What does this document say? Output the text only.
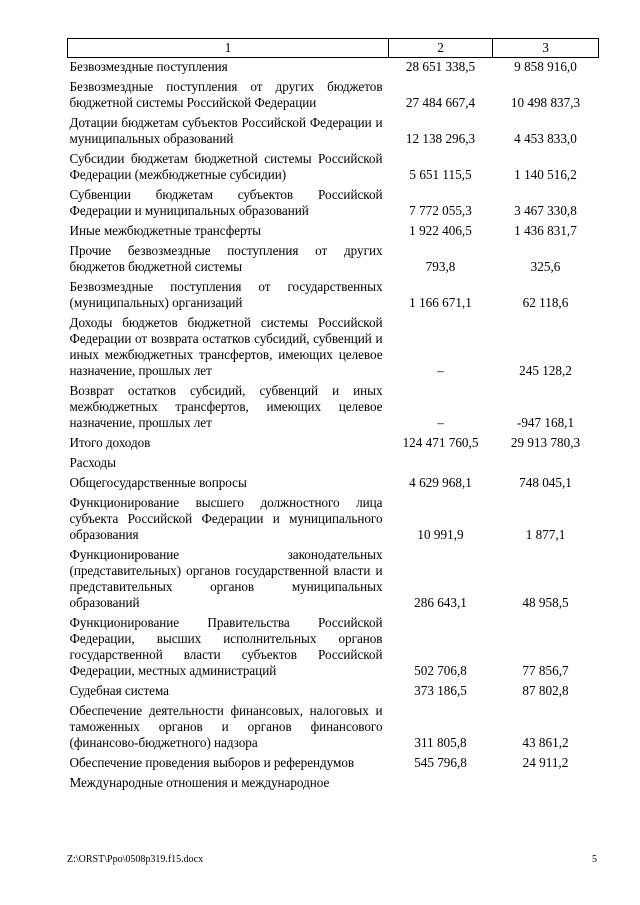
1	2	3
Безвозмездные поступления	28 651 338,5	9 858 916,0
Безвозмездные поступления от других бюджетов бюджетной системы Российской Федерации	27 484 667,4	10 498 837,3
Дотации бюджетам субъектов Российской Федерации и муниципальных образований	12 138 296,3	4 453 833,0
Субсидии бюджетам бюджетной системы Российской Федерации (межбюджетные субсидии)	5 651 115,5	1 140 516,2
Субвенции бюджетам субъектов Российской Федерации и муниципальных образований	7 772 055,3	3 467 330,8
Иные межбюджетные трансферты	1 922 406,5	1 436 831,7
Прочие безвозмездные поступления от других бюджетов бюджетной системы	793,8	325,6
Безвозмездные поступления от государственных (муниципальных) организаций	1 166 671,1	62 118,6
Доходы бюджетов бюджетной системы Российской Федерации от возврата остатков субсидий, субвенций и иных межбюджетных трансфертов, имеющих целевое назначение, прошлых лет	–	245 128,2
Возврат остатков субсидий, субвенций и иных межбюджетных трансфертов, имеющих целевое назначение, прошлых лет	–	-947 168,1
Итого доходов	124 471 760,5	29 913 780,3
Расходы		
Общегосударственные вопросы	4 629 968,1	748 045,1
Функционирование высшего должностного лица субъекта Российской Федерации и муниципального образования	10 991,9	1 877,1
Функционирование законодательных (представительных) органов государственной власти и представительных органов муниципальных образований	286 643,1	48 958,5
Функционирование Правительства Российской Федерации, высших исполнительных органов государственной власти субъектов Российской Федерации, местных администраций	502 706,8	77 856,7
Судебная система	373 186,5	87 802,8
Обеспечение деятельности финансовых, налоговых и таможенных органов и органов финансового (финансово-бюджетного) надзора	311 805,8	43 861,2
Обеспечение проведения выборов и референдумов	545 796,8	24 911,2
Международные отношения и международное		
Z:\ORST\Ppo\0508p319.f15.docx	5
